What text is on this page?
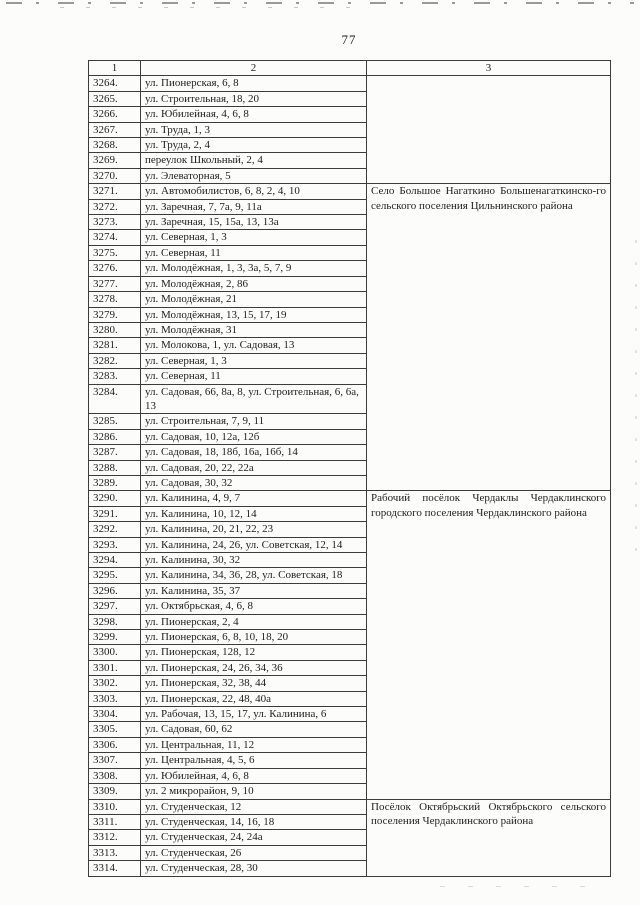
77
1	2	3
3264.	ул. Пионерская, 6, 8	
3265.	ул. Строительная, 18, 20	
3266.	ул. Юбилейная, 4, 6, 8	
3267.	ул. Труда, 1, 3	
3268.	ул. Труда, 2, 4	
3269.	переулок Школьный, 2, 4	
3270.	ул. Элеваторная, 5	
3271.	ул. Автомобилистов, 6, 8, 2, 4, 10	Село Большое Нагаткино Большенагаткинско-го сельского поселения Цильнинского района
3272.	ул. Заречная, 7, 7а, 9, 11а	
3273.	ул. Заречная, 15, 15а, 13, 13а	
3274.	ул. Северная, 1, 3	
3275.	ул. Северная, 11	
3276.	ул. Молодёжная, 1, 3, 3а, 5, 7, 9	
3277.	ул. Молодёжная, 2, 86	
3278.	ул. Молодёжная, 21	
3279.	ул. Молодёжная, 13, 15, 17, 19	
3280.	ул. Молодёжная, 31	
3281.	ул. Молокова, 1, ул. Садовая, 13	
3282.	ул. Северная, 1, 3	
3283.	ул. Северная, 11	
3284.	ул. Садовая, 66, 8а, 8, ул. Строительная, 6, 6а, 13	
3285.	ул. Строительная, 7, 9, 11	
3286.	ул. Садовая, 10, 12а, 12б	
3287.	ул. Садовая, 18, 18б, 16а, 16б, 14	
3288.	ул. Садовая, 20, 22, 22а	
3289.	ул. Садовая, 30, 32	
3290.	ул. Калинина, 4, 9, 7	Рабочий посёлок Чердаклы Чердаклинского городского поселения Чердаклинского района
3291.	ул. Калинина, 10, 12, 14	
3292.	ул. Калинина, 20, 21, 22, 23	
3293.	ул. Калинина, 24, 26, ул. Советская, 12, 14	
3294.	ул. Калинина, 30, 32	
3295.	ул. Калинина, 34, 36, 28, ул. Советская, 18	
3296.	ул. Калинина, 35, 37	
3297.	ул. Октябрьская, 4, 6, 8	
3298.	ул. Пионерская, 2, 4	
3299.	ул. Пионерская, 6, 8, 10, 18, 20	
3300.	ул. Пионерская, 128, 12	
3301.	ул. Пионерская, 24, 26, 34, 36	
3302.	ул. Пионерская, 32, 38, 44	
3303.	ул. Пионерская, 22, 48, 40а	
3304.	ул. Рабочая, 13, 15, 17, ул. Калинина, 6	
3305.	ул. Садовая, 60, 62	
3306.	ул. Центральная, 11, 12	
3307.	ул. Центральная, 4, 5, 6	
3308.	ул. Юбилейная, 4, 6, 8	
3309.	ул. 2 микрорайон, 9, 10	
3310.	ул. Студенческая, 12	Посёлок Октябрьский Октябрьского сельского поселения Чердаклинского района
3311.	ул. Студенческая, 14, 16, 18	
3312.	ул. Студенческая, 24, 24а	
3313.	ул. Студенческая, 26	
3314.	ул. Студенческая, 28, 30	
